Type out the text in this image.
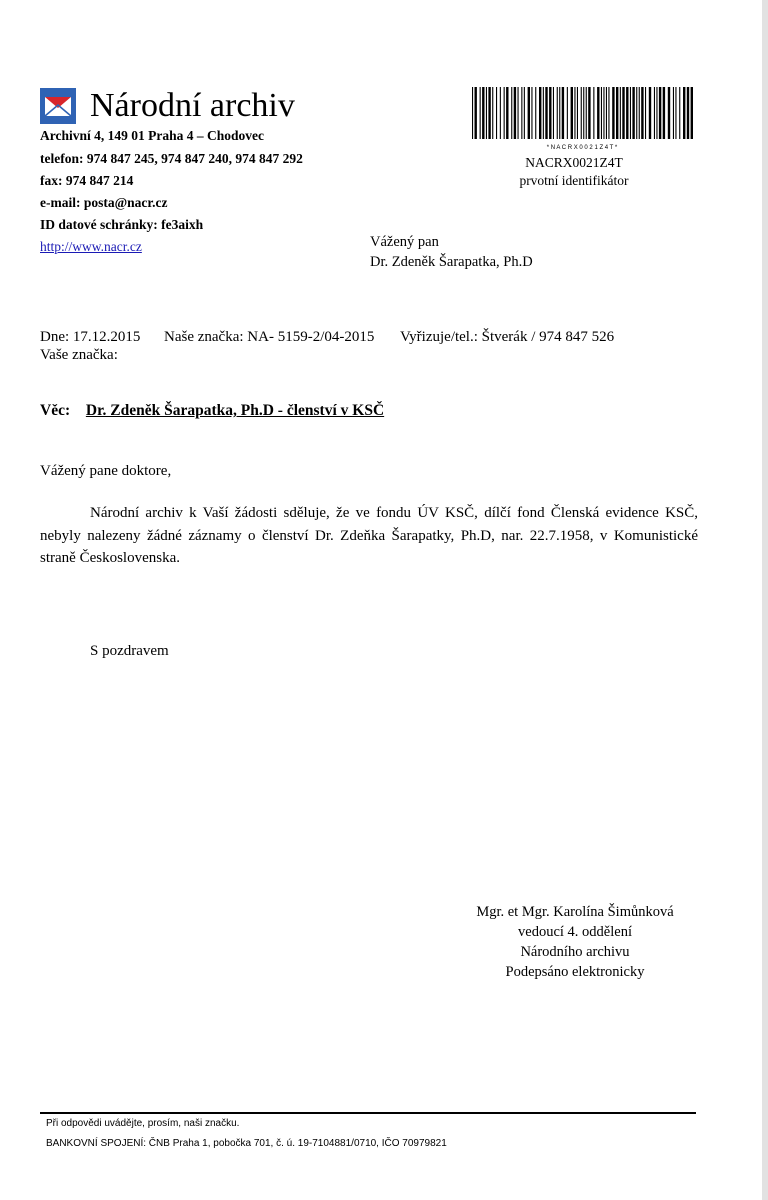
Národní archiv
Archivní 4, 149 01 Praha 4 – Chodovec
telefon: 974 847 245, 974 847 240, 974 847 292
fax: 974 847 214
e-mail: posta@nacr.cz
ID datové schránky: fe3aixh
http://www.nacr.cz
* N A C R X 0 0 2 1 Z 4 T *
NACRX0021Z4T
prvotní identifikátor
Vážený pan
Dr. Zdeněk Šarapatka, Ph.D
Dne: 17.12.2015 Naše značka: NA- 5159-2/04-2015 Vyřizuje/tel.: Štverák / 974 847 526
Vaše značka:
Věc: Dr. Zdeněk Šarapatka, Ph.D - členství v KSČ
Vážený pane doktore,
Národní archiv k Vaší žádosti sděluje, že ve fondu ÚV KSČ, dílčí fond Členská evidence KSČ, nebyly nalezeny žádné záznamy o členství Dr. Zdeňka Šarapatky, Ph.D, nar. 22.7.1958, v Komunistické straně Československa.
S pozdravem
Mgr. et Mgr. Karolína Šimůnková
vedoucí 4. oddělení
Národního archivu
Podepsáno elektronicky
Při odpovědi uvádějte, prosím, naši značku.
BANKOVNÍ SPOJENÍ: ČNB Praha 1, pobočka 701, č. ú. 19-7104881/0710, IČO 70979821
